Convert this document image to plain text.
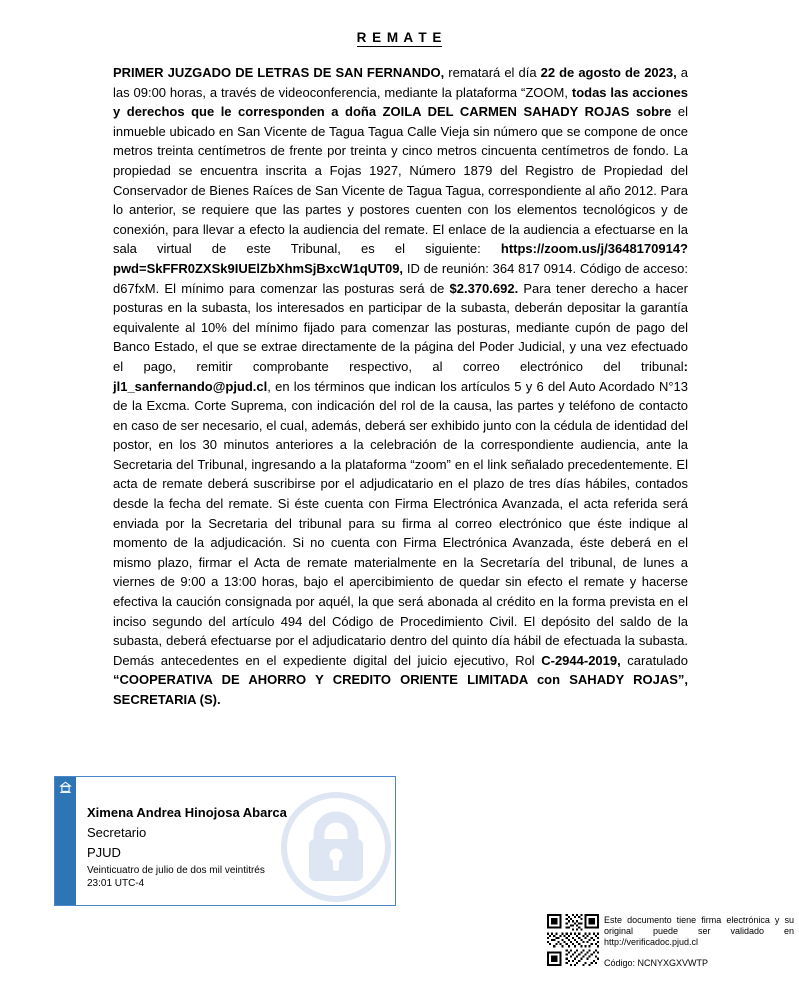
R E M A T E
PRIMER JUZGADO DE LETRAS DE SAN FERNANDO, rematará el día 22 de agosto de 2023, a las 09:00 horas, a través de videoconferencia, mediante la plataforma “ZOOM, todas las acciones y derechos que le corresponden a doña ZOILA DEL CARMEN SAHADY ROJAS sobre el inmueble ubicado en San Vicente de Tagua Tagua Calle Vieja sin número que se compone de once metros treinta centímetros de frente por treinta y cinco metros cincuenta centímetros de fondo. La propiedad se encuentra inscrita a Fojas 1927, Número 1879 del Registro de Propiedad del Conservador de Bienes Raíces de San Vicente de Tagua Tagua, correspondiente al año 2012. Para lo anterior, se requiere que las partes y postores cuenten con los elementos tecnológicos y de conexión, para llevar a efecto la audiencia del remate. El enlace de la audiencia a efectuarse en la sala virtual de este Tribunal, es el siguiente: https://zoom.us/j/3648170914?pwd=SkFFR0ZXSk9IUElZbXhmSjBxcW1qUT09, ID de reunión: 364 817 0914. Código de acceso: d67fxM. El mínimo para comenzar las posturas será de $2.370.692. Para tener derecho a hacer posturas en la subasta, los interesados en participar de la subasta, deberán depositar la garantía equivalente al 10% del mínimo fijado para comenzar las posturas, mediante cupón de pago del Banco Estado, el que se extrae directamente de la página del Poder Judicial, y una vez efectuado el pago, remitir comprobante respectivo, al correo electrónico del tribunal: jl1_sanfernando@pjud.cl, en los términos que indican los artículos 5 y 6 del Auto Acordado N°13 de la Excma. Corte Suprema, con indicación del rol de la causa, las partes y teléfono de contacto en caso de ser necesario, el cual, además, deberá ser exhibido junto con la cédula de identidad del postor, en los 30 minutos anteriores a la celebración de la correspondiente audiencia, ante la Secretaria del Tribunal, ingresando a la plataforma “zoom” en el link señalado precedentemente. El acta de remate deberá suscribirse por el adjudicatario en el plazo de tres días hábiles, contados desde la fecha del remate. Si éste cuenta con Firma Electrónica Avanzada, el acta referida será enviada por la Secretaria del tribunal para su firma al correo electrónico que éste indique al momento de la adjudicación. Si no cuenta con Firma Electrónica Avanzada, éste deberá en el mismo plazo, firmar el Acta de remate materialmente en la Secretaría del tribunal, de lunes a viernes de 9:00 a 13:00 horas, bajo el apercibimiento de quedar sin efecto el remate y hacerse efectiva la caución consignada por aquél, la que será abonada al crédito en la forma prevista en el inciso segundo del artículo 494 del Código de Procedimiento Civil. El depósito del saldo de la subasta, deberá efectuarse por el adjudicatario dentro del quinto día hábil de efectuada la subasta. Demás antecedentes en el expediente digital del juicio ejecutivo, Rol C-2944-2019, caratulado “COOPERATIVA DE AHORRO Y CREDITO ORIENTE LIMITADA con SAHADY ROJAS”, SECRETARIA (S).
Ximena Andrea Hinojosa Abarca
Secretario
PJUD
Veinticuatro de julio de dos mil veintitrés
23:01 UTC-4
Este documento tiene firma electrónica y su original puede ser validado en http://verificadoc.pjud.cl
Código: NCNYXGXVWTP
